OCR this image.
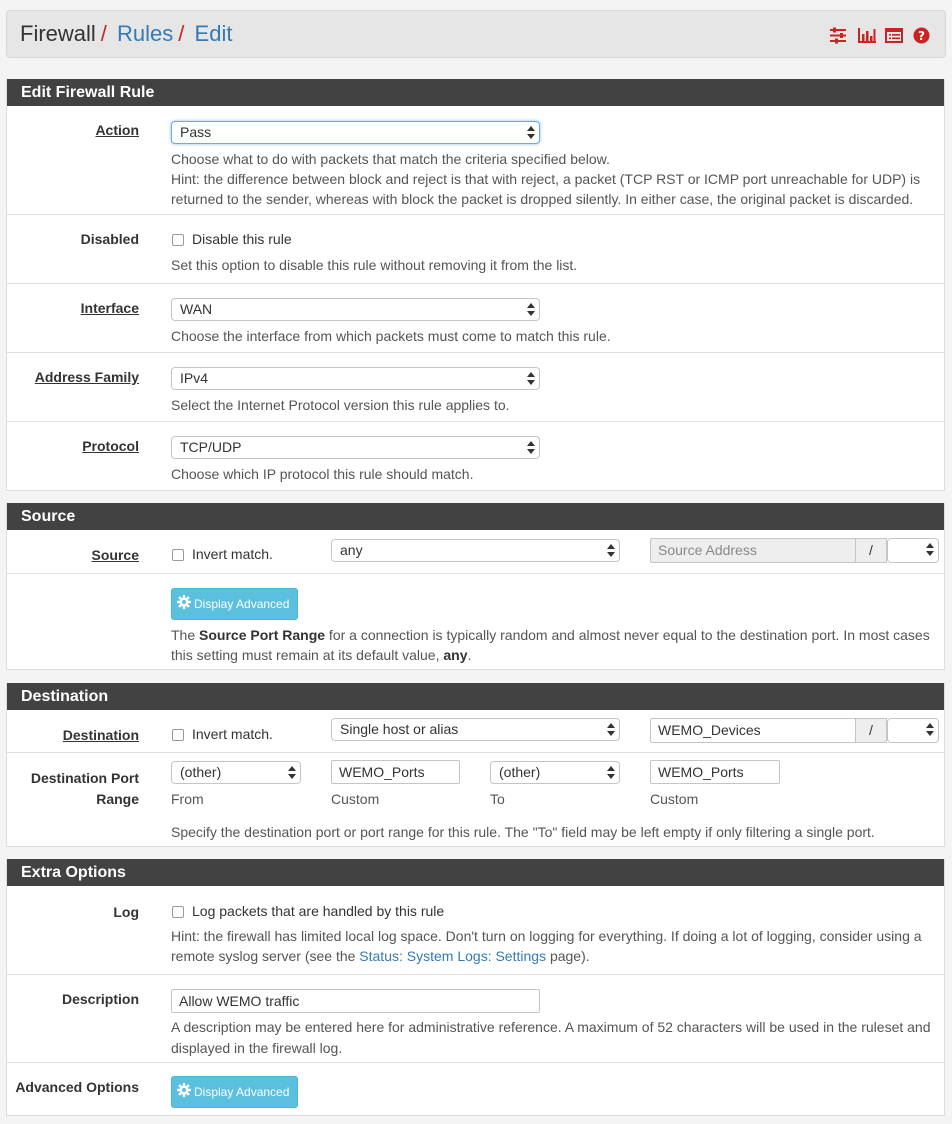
Firewall / Rules / Edit	?
Edit Firewall Rule
Action	Pass
Choose what to do with packets that match the criteria specified below.
Hint: the difference between block and reject is that with reject, a packet (TCP RST or ICMP port unreachable for UDP) is
returned to the sender, whereas with block the packet is dropped silently. In either case, the original packet is discarded.
Disabled	Disable this rule
Set this option to disable this rule without removing it from the list.
Interface	WAN
Choose the interface from which packets must come to match this rule.
Address Family	IPv4
Select the Internet Protocol version this rule applies to.
Protocol	TCP/UDP
Choose which IP protocol this rule should match.
Source
Source	Invert match.	any	Source Address	/
Display Advanced
The Source Port Range for a connection is typically random and almost never equal to the destination port. In most cases
this setting must remain at its default value, any.
Destination
Destination	Invert match.	Single host or alias	WEMO_Devices	/
Destination Port
Range
(other)	WEMO_Ports	(other)	WEMO_Ports
From	Custom	To	Custom
Specify the destination port or port range for this rule. The "To" field may be left empty if only filtering a single port.
Extra Options
Log	Log packets that are handled by this rule
Hint: the firewall has limited local log space. Don't turn on logging for everything. If doing a lot of logging, consider using a
remote syslog server (see the Status: System Logs: Settings page).
Description	Allow WEMO traffic
A description may be entered here for administrative reference. A maximum of 52 characters will be used in the ruleset and
displayed in the firewall log.
Advanced Options	Display Advanced
